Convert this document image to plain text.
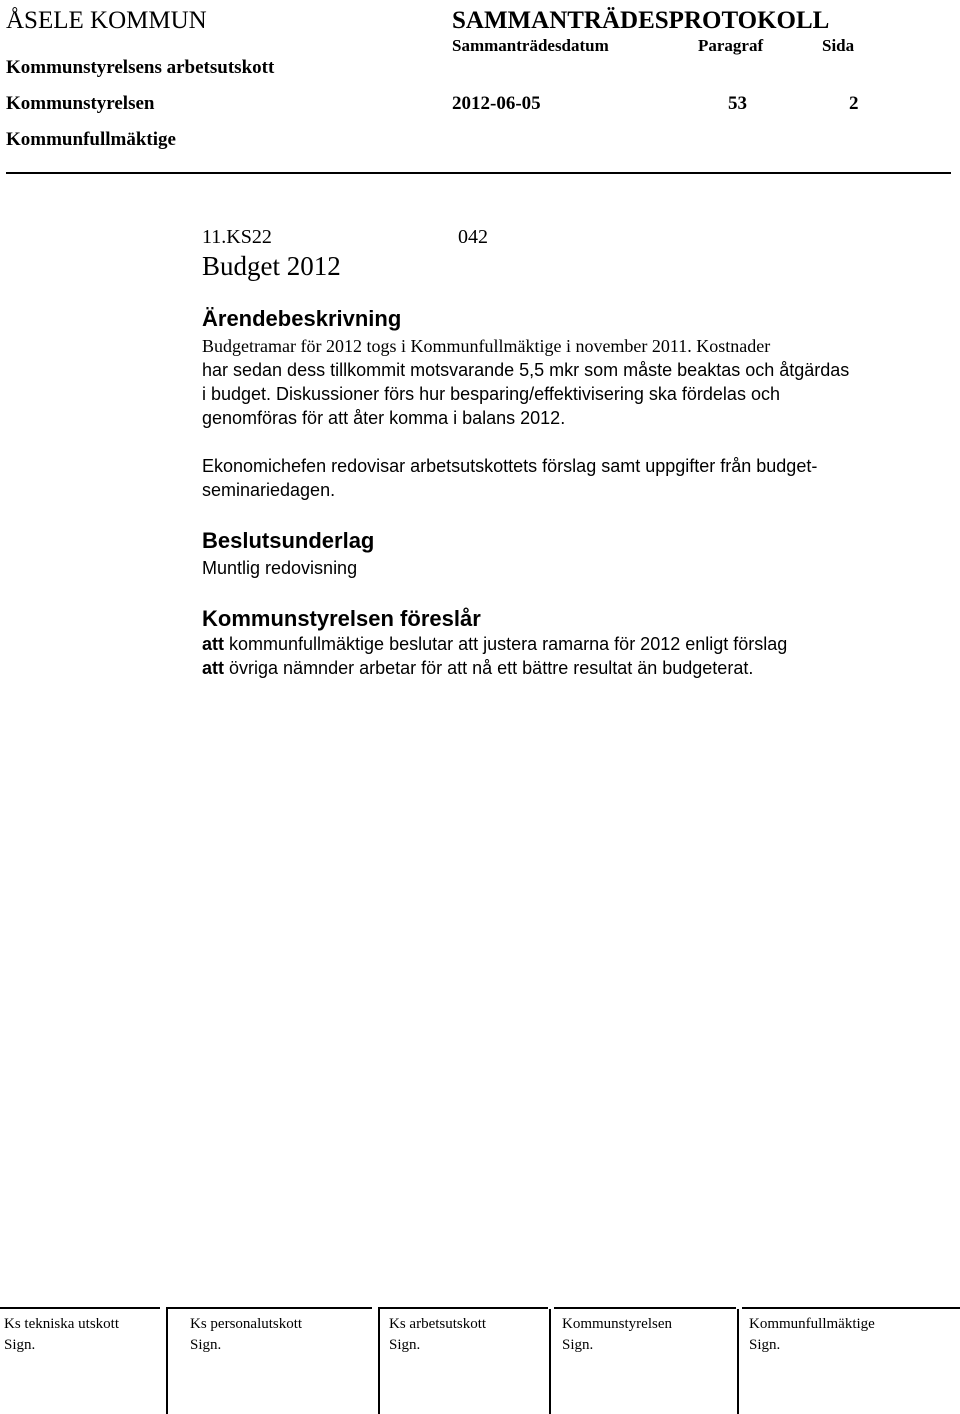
ÅSELE KOMMUN	SAMMANTRÄDESPROTOKOLL
Sammanträdesdatum	Paragraf	Sida
Kommunstyrelsens arbetsutskott
Kommunstyrelsen	2012-06-05	53	2
Kommunfullmäktige
11.KS22	042
Budget 2012
Ärendebeskrivning
Budgetramar för 2012 togs i Kommunfullmäktige i november 2011. Kostnader
har sedan dess tillkommit motsvarande 5,5 mkr som måste beaktas och åtgärdas
i budget. Diskussioner förs hur besparing/effektivisering ska fördelas och
genomföras för att åter komma i balans 2012.
Ekonomichefen redovisar arbetsutskottets förslag samt uppgifter från budget-
seminariedagen.
Beslutsunderlag
Muntlig redovisning
Kommunstyrelsen föreslår
att kommunfullmäktige beslutar att justera ramarna för 2012 enligt förslag
att övriga nämnder arbetar för att nå ett bättre resultat än budgeterat.
Ks tekniska utskott
Sign.
Ks personalutskott
Sign.
Ks arbetsutskott
Sign.
Kommunstyrelsen
Sign.
Kommunfullmäktige
Sign.
